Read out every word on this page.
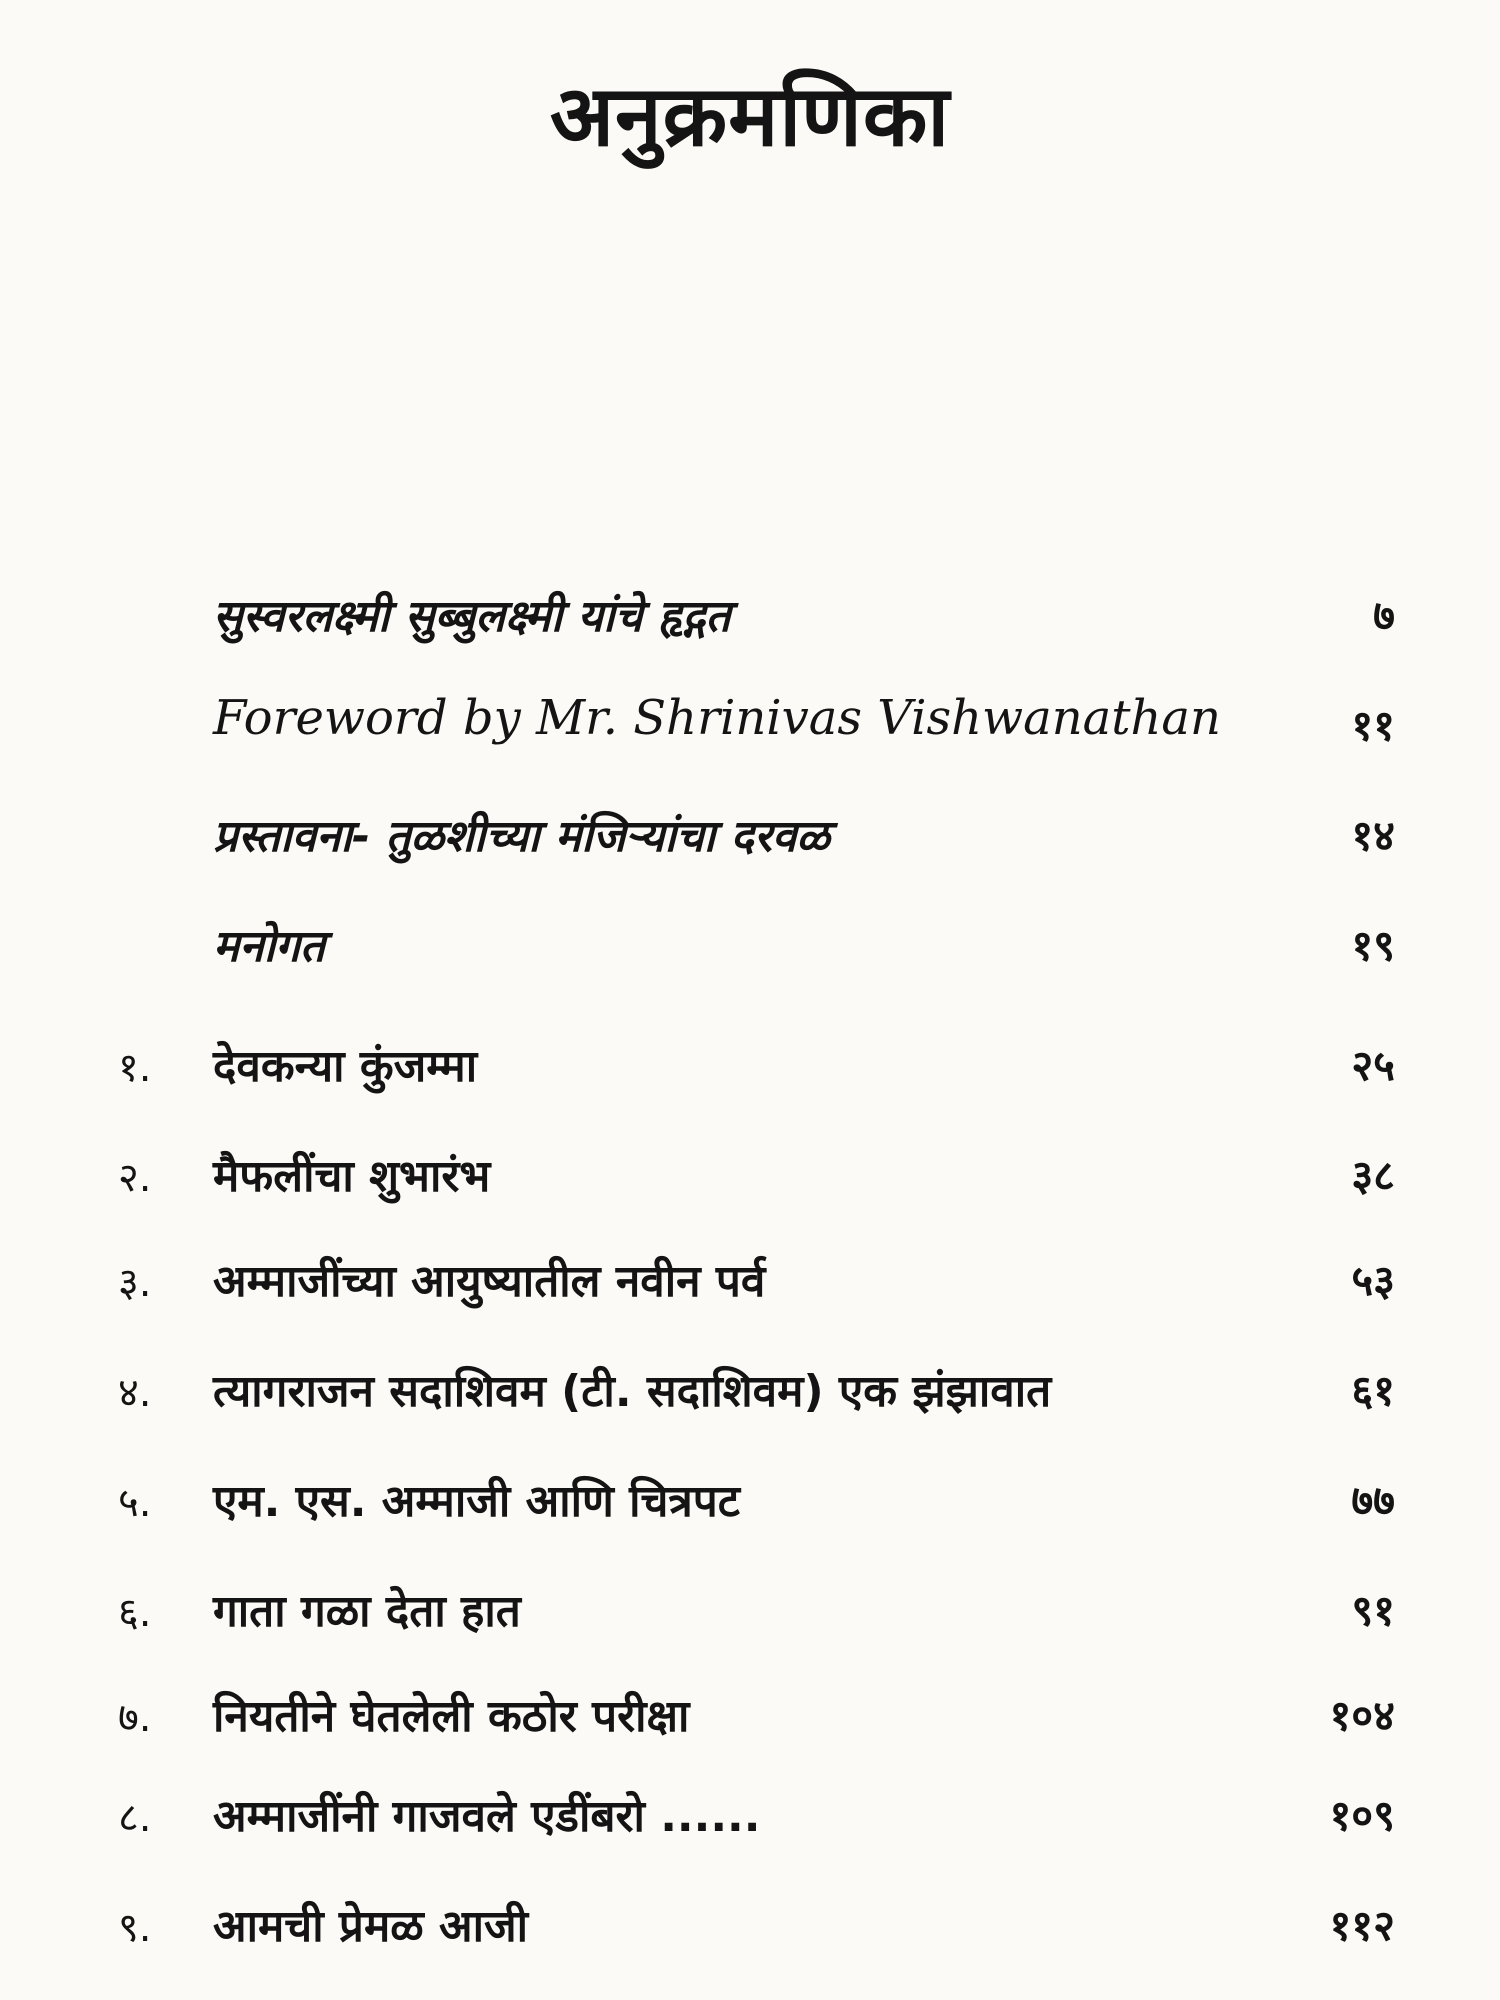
अनुक्रमणिका
सुस्वरलक्ष्मी सुब्बुलक्ष्मी यांचे हृद्गत	७
Foreword by Mr. Shrinivas Vishwanathan	११
प्रस्तावना- तुळशीच्या मंजिऱ्यांचा दरवळ	१४
मनोगत	१९
१. देवकन्या कुंजम्मा	२५
२. मैफलींचा शुभारंभ	३८
३. अम्माजींच्या आयुष्यातील नवीन पर्व	५३
४. त्यागराजन सदाशिवम (टी. सदाशिवम) एक झंझावात	६१
५. एम. एस. अम्माजी आणि चित्रपट	७७
६. गाता गळा देता हात	९१
७. नियतीने घेतलेली कठोर परीक्षा	१०४
८. अम्माजींनी गाजवले एडींबरो ......	१०९
९. आमची प्रेमळ आजी	११२
